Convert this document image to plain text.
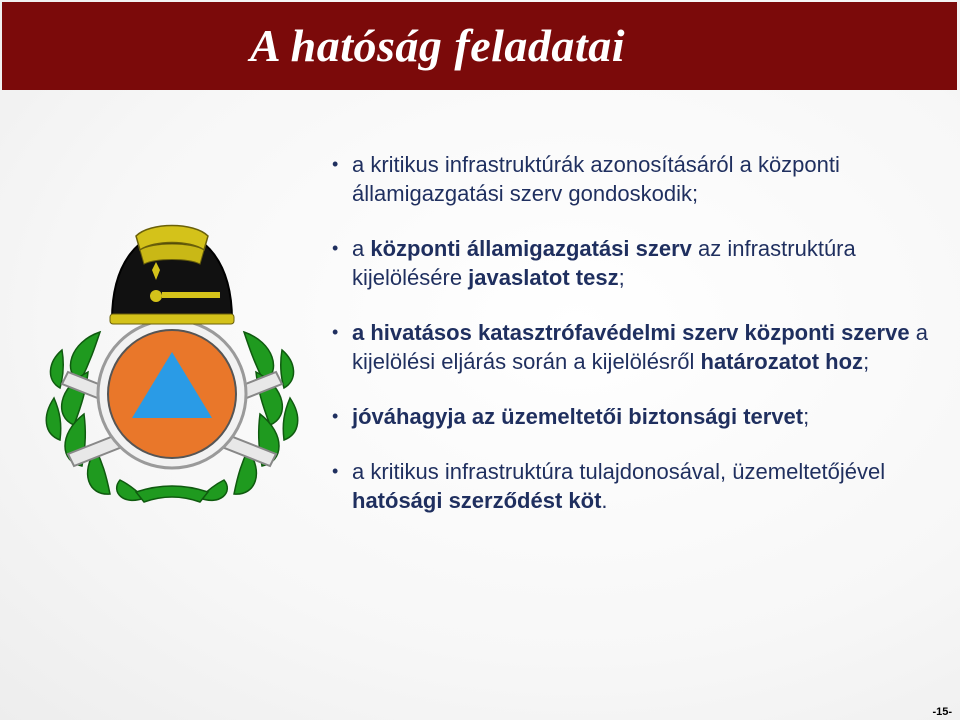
A hatóság feladatai
• a kritikus infrastruktúrák azonosításáról a központi államigazgatási szerv gondoskodik;
• a központi államigazgatási szerv az infrastruktúra kijelölésére javaslatot tesz;
• a hivatásos katasztrófavédelmi szerv központi szerve a kijelölési eljárás során a kijelölésről határozatot hoz;
• jóváhagyja az üzemeltetői biztonsági tervet;
• a kritikus infrastruktúra tulajdonosával, üzemeltetőjével hatósági szerződést köt.
-15-
